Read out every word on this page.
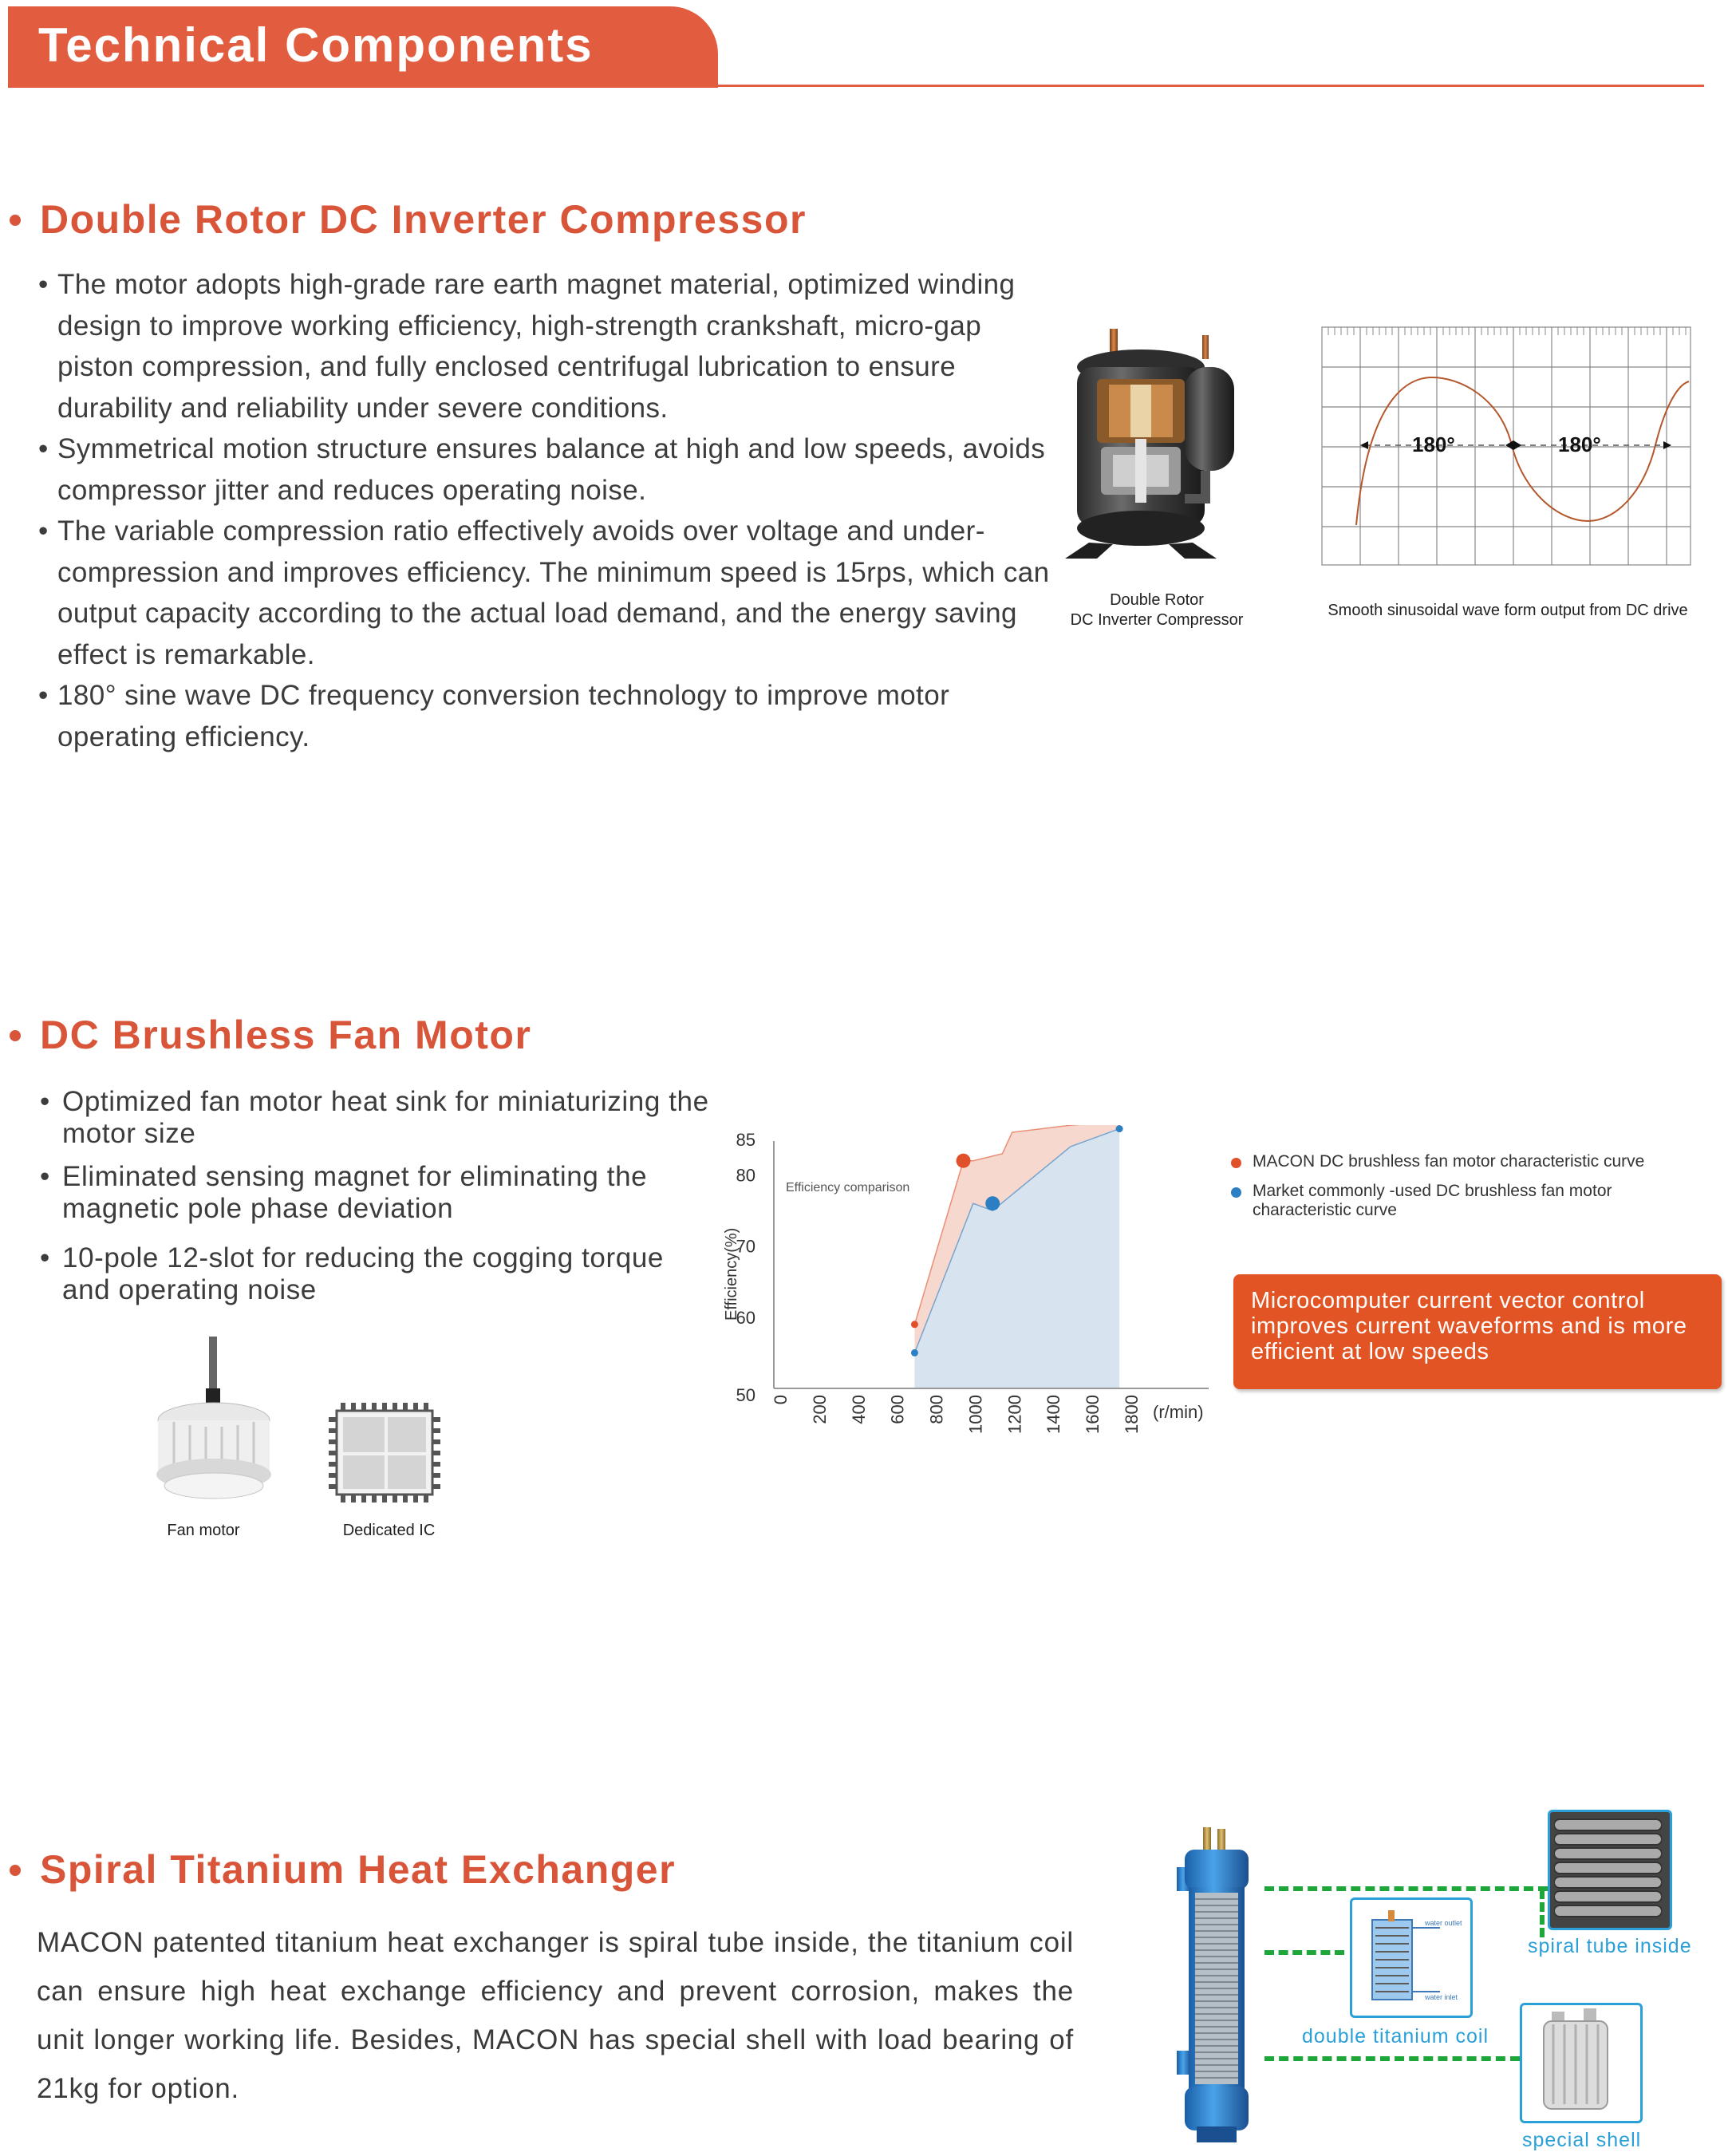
Technical Components
Double Rotor DC Inverter Compressor
• The motor adopts high-grade rare earth magnet material, optimized winding design to improve working efficiency, high-strength crankshaft, micro-gap piston compression, and fully enclosed centrifugal lubrication to ensure durability and reliability under severe conditions.
• Symmetrical motion structure ensures balance at high and low speeds, avoids compressor jitter and reduces operating noise.
• The variable compression ratio effectively avoids over voltage and under-compression and improves efficiency. The minimum speed is 15rps, which can output capacity according to the actual load demand, and the energy saving effect is remarkable.
• 180° sine wave DC frequency conversion technology to improve motor operating efficiency.
Double Rotor
DC Inverter Compressor
180°	180°
Smooth sinusoidal wave form output from DC drive
DC Brushless Fan Motor
• Optimized fan motor heat sink for miniaturizing the motor size
• Eliminated sensing magnet for eliminating the magnetic pole phase deviation
• 10-pole 12-slot for reducing the cogging torque and operating noise
Fan motor	Dedicated IC
50
60
70
80
85
0 200 400 600 800 1000 1200 1400 1600 1800
Efficiency(%)
(r/min)
Efficiency comparison
MACON DC brushless fan motor characteristic curve
Market commonly -used DC brushless fan motor
characteristic curve
Microcomputer current vector control improves current waveforms and is more efficient at low speeds
Spiral Titanium Heat Exchanger
MACON patented titanium heat exchanger is spiral tube inside, the titanium coil can ensure high heat exchange efficiency and prevent corrosion, makes the unit longer working life. Besides, MACON has special shell with load bearing of 21kg for option.
water outlet
water inlet
double titanium coil
spiral tube inside
special shell
